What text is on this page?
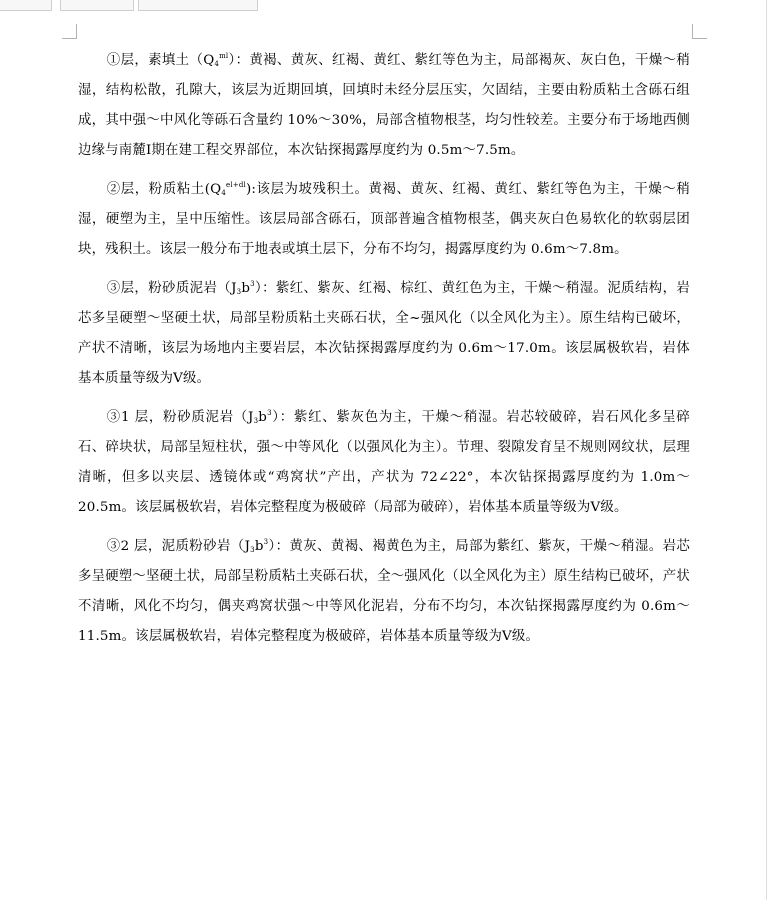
①层，素填土$(Q_4^{ml})$：黄褐、黄灰、红褐、黄红、紫红等色为主，局部褐灰、灰白色，干燥～稍湿，结构松散，孔隙大，该层为近期回填，回填时未经分层压实，欠固结，主要由粉质粘土含砾石组成，其中强～中风化等砾石含量约 10%～30%，局部含植物根茎，均匀性较差。主要分布于场地西侧边缘与南麓Ⅰ期在建工程交界部位，本次钻探揭露厚度约为 0.5m～7.5m。

②层，粉质粘土$(Q_4^{el+dl})$:该层为坡残积土。黄褐、黄灰、红褐、黄红、紫红等色为主，干燥～稍湿，硬塑为主，呈中压缩性。该层局部含砾石，顶部普遍含植物根茎，偶夹灰白色易软化的软弱层团块，残积土。该层一般分布于地表或填土层下，分布不均匀，揭露厚度约为 0.6m～7.8m。

③层，粉砂质泥岩$(J_3b^3)$：紫红、紫灰、红褐、棕红、黄红色为主，干燥～稍湿。泥质结构，岩芯多呈硬塑～坚硬土状，局部呈粉质粘土夹砾石状，全~强风化（以全风化为主）。原生结构已破坏，产状不清晰，该层为场地内主要岩层，本次钻探揭露厚度约为 0.6m～17.0m。该层属极软岩，岩体基本质量等级为Ⅴ级。

③1 层，粉砂质泥岩$(J_3b^3)$：紫红、紫灰色为主，干燥～稍湿。岩芯较破碎，岩石风化多呈碎石、碎块状，局部呈短柱状，强～中等风化（以强风化为主）。节理、裂隙发育呈不规则网纹状，层理清晰，但多以夹层、透镜体或“鸡窝状”产出，产状为 72∠22°，本次钻探揭露厚度约为 1.0m～20.5m。该层属极软岩，岩体完整程度为极破碎（局部为破碎），岩体基本质量等级为Ⅴ级。

③2 层，泥质粉砂岩$(J_3b^3)$：黄灰、黄褐、褐黄色为主，局部为紫红、紫灰，干燥～稍湿。岩芯多呈硬塑～坚硬土状，局部呈粉质粘土夹砾石状，全～强风化（以全风化为主）原生结构已破坏，产状不清晰，风化不均匀，偶夹鸡窝状强～中等风化泥岩，分布不均匀，本次钻探揭露厚度约为 0.6m～11.5m。该层属极软岩，岩体完整程度为极破碎，岩体基本质量等级为Ⅴ级。
